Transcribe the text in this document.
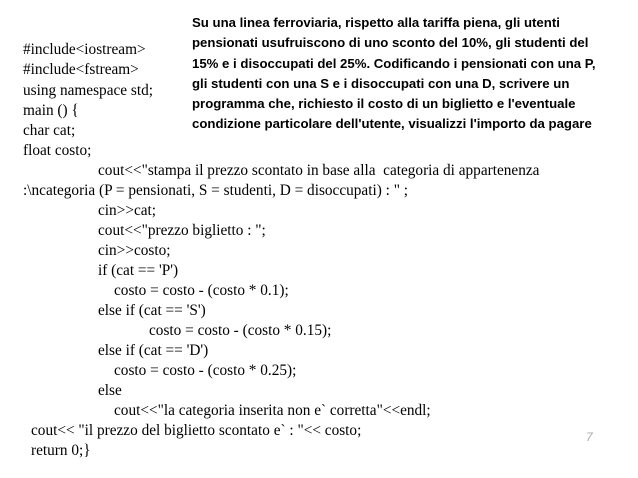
Su una linea ferroviaria, rispetto alla tariffa piena, gli utenti
pensionati usufruiscono di uno sconto del 10%, gli studenti del
15% e i disoccupati del 25%. Codificando i pensionati con una P,
gli studenti con una S e i disoccupati con una D, scrivere un
programma che, richiesto il costo di un biglietto e l'eventuale
condizione particolare dell'utente, visualizzi l'importo da pagare
#include<iostream>
#include<fstream>
using namespace std;
main () {
char cat;
float costo;
cout<<"stampa il prezzo scontato in base alla  categoria di appartenenza
:\ncategoria (P = pensionati, S = studenti, D = disoccupati) : " ;
cin>>cat;
cout<<"prezzo biglietto : ";
cin>>costo;
if (cat == 'P')
costo = costo - (costo * 0.1);
else if (cat == 'S')
costo = costo - (costo * 0.15);
else if (cat == 'D')
costo = costo - (costo * 0.25);
else
cout<<"la categoria inserita non e` corretta"<<endl;
cout<< "il prezzo del biglietto scontato e` : "<< costo;
return 0;}
7
